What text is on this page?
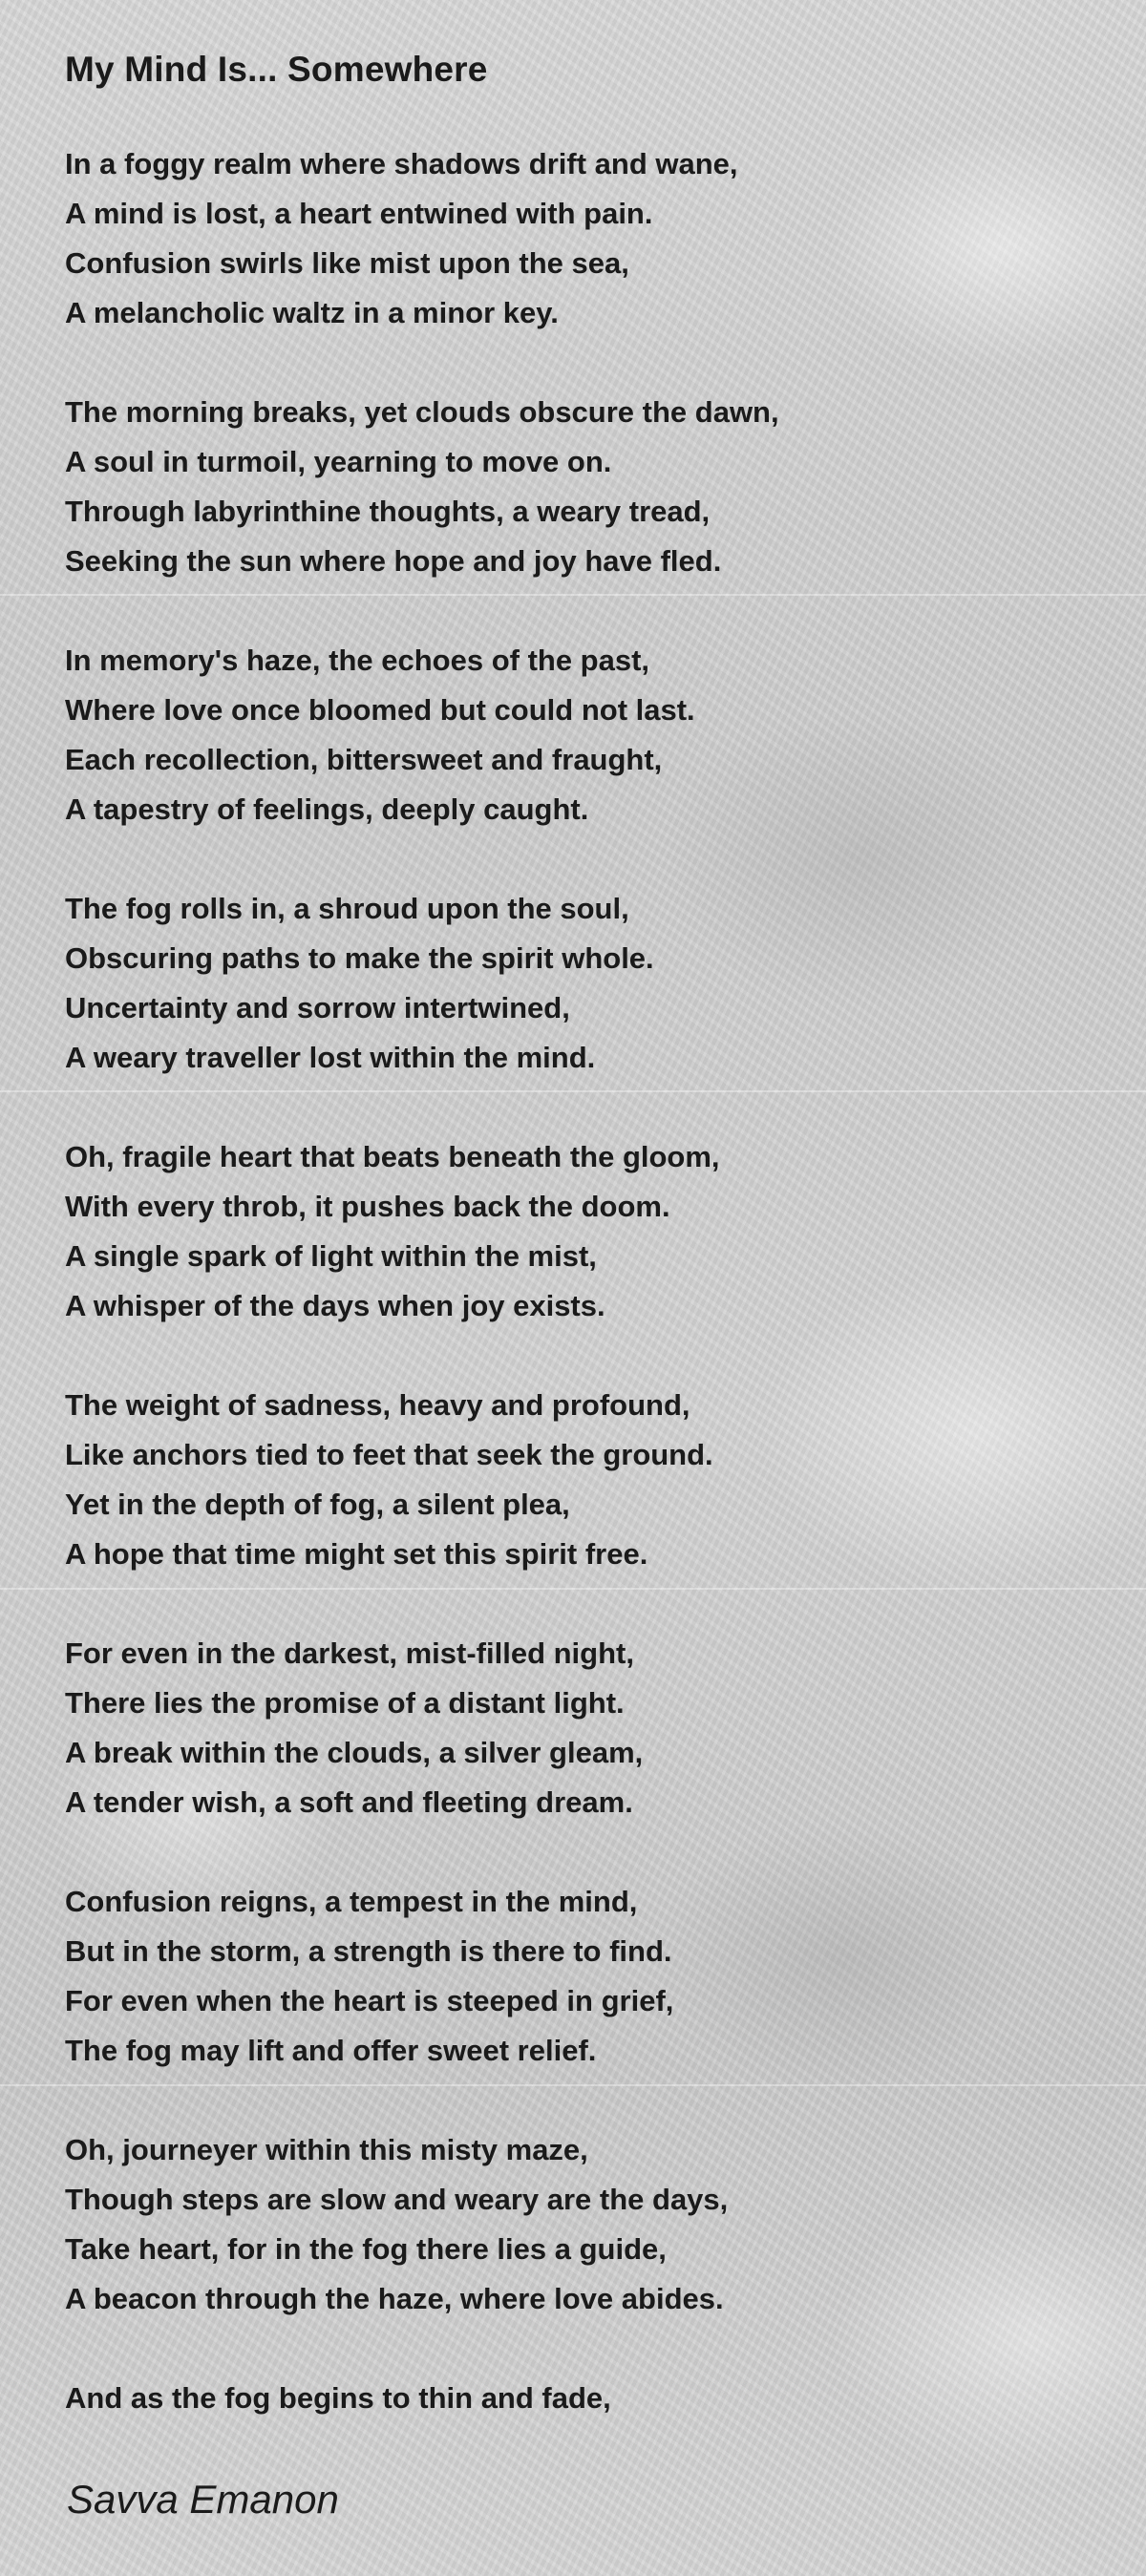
My Mind Is... Somewhere

In a foggy realm where shadows drift and wane,
A mind is lost, a heart entwined with pain.
Confusion swirls like mist upon the sea,
A melancholic waltz in a minor key.

The morning breaks, yet clouds obscure the dawn,
A soul in turmoil, yearning to move on.
Through labyrinthine thoughts, a weary tread,
Seeking the sun where hope and joy have fled.

In memory's haze, the echoes of the past,
Where love once bloomed but could not last.
Each recollection, bittersweet and fraught,
A tapestry of feelings, deeply caught.

The fog rolls in, a shroud upon the soul,
Obscuring paths to make the spirit whole.
Uncertainty and sorrow intertwined,
A weary traveller lost within the mind.

Oh, fragile heart that beats beneath the gloom,
With every throb, it pushes back the doom.
A single spark of light within the mist,
A whisper of the days when joy exists.

The weight of sadness, heavy and profound,
Like anchors tied to feet that seek the ground.
Yet in the depth of fog, a silent plea,
A hope that time might set this spirit free.

For even in the darkest, mist-filled night,
There lies the promise of a distant light.
A break within the clouds, a silver gleam,
A tender wish, a soft and fleeting dream.

Confusion reigns, a tempest in the mind,
But in the storm, a strength is there to find.
For even when the heart is steeped in grief,
The fog may lift and offer sweet relief.

Oh, journeyer within this misty maze,
Though steps are slow and weary are the days,
Take heart, for in the fog there lies a guide,
A beacon through the haze, where love abides.

And as the fog begins to thin and fade,

Savva Emanon
